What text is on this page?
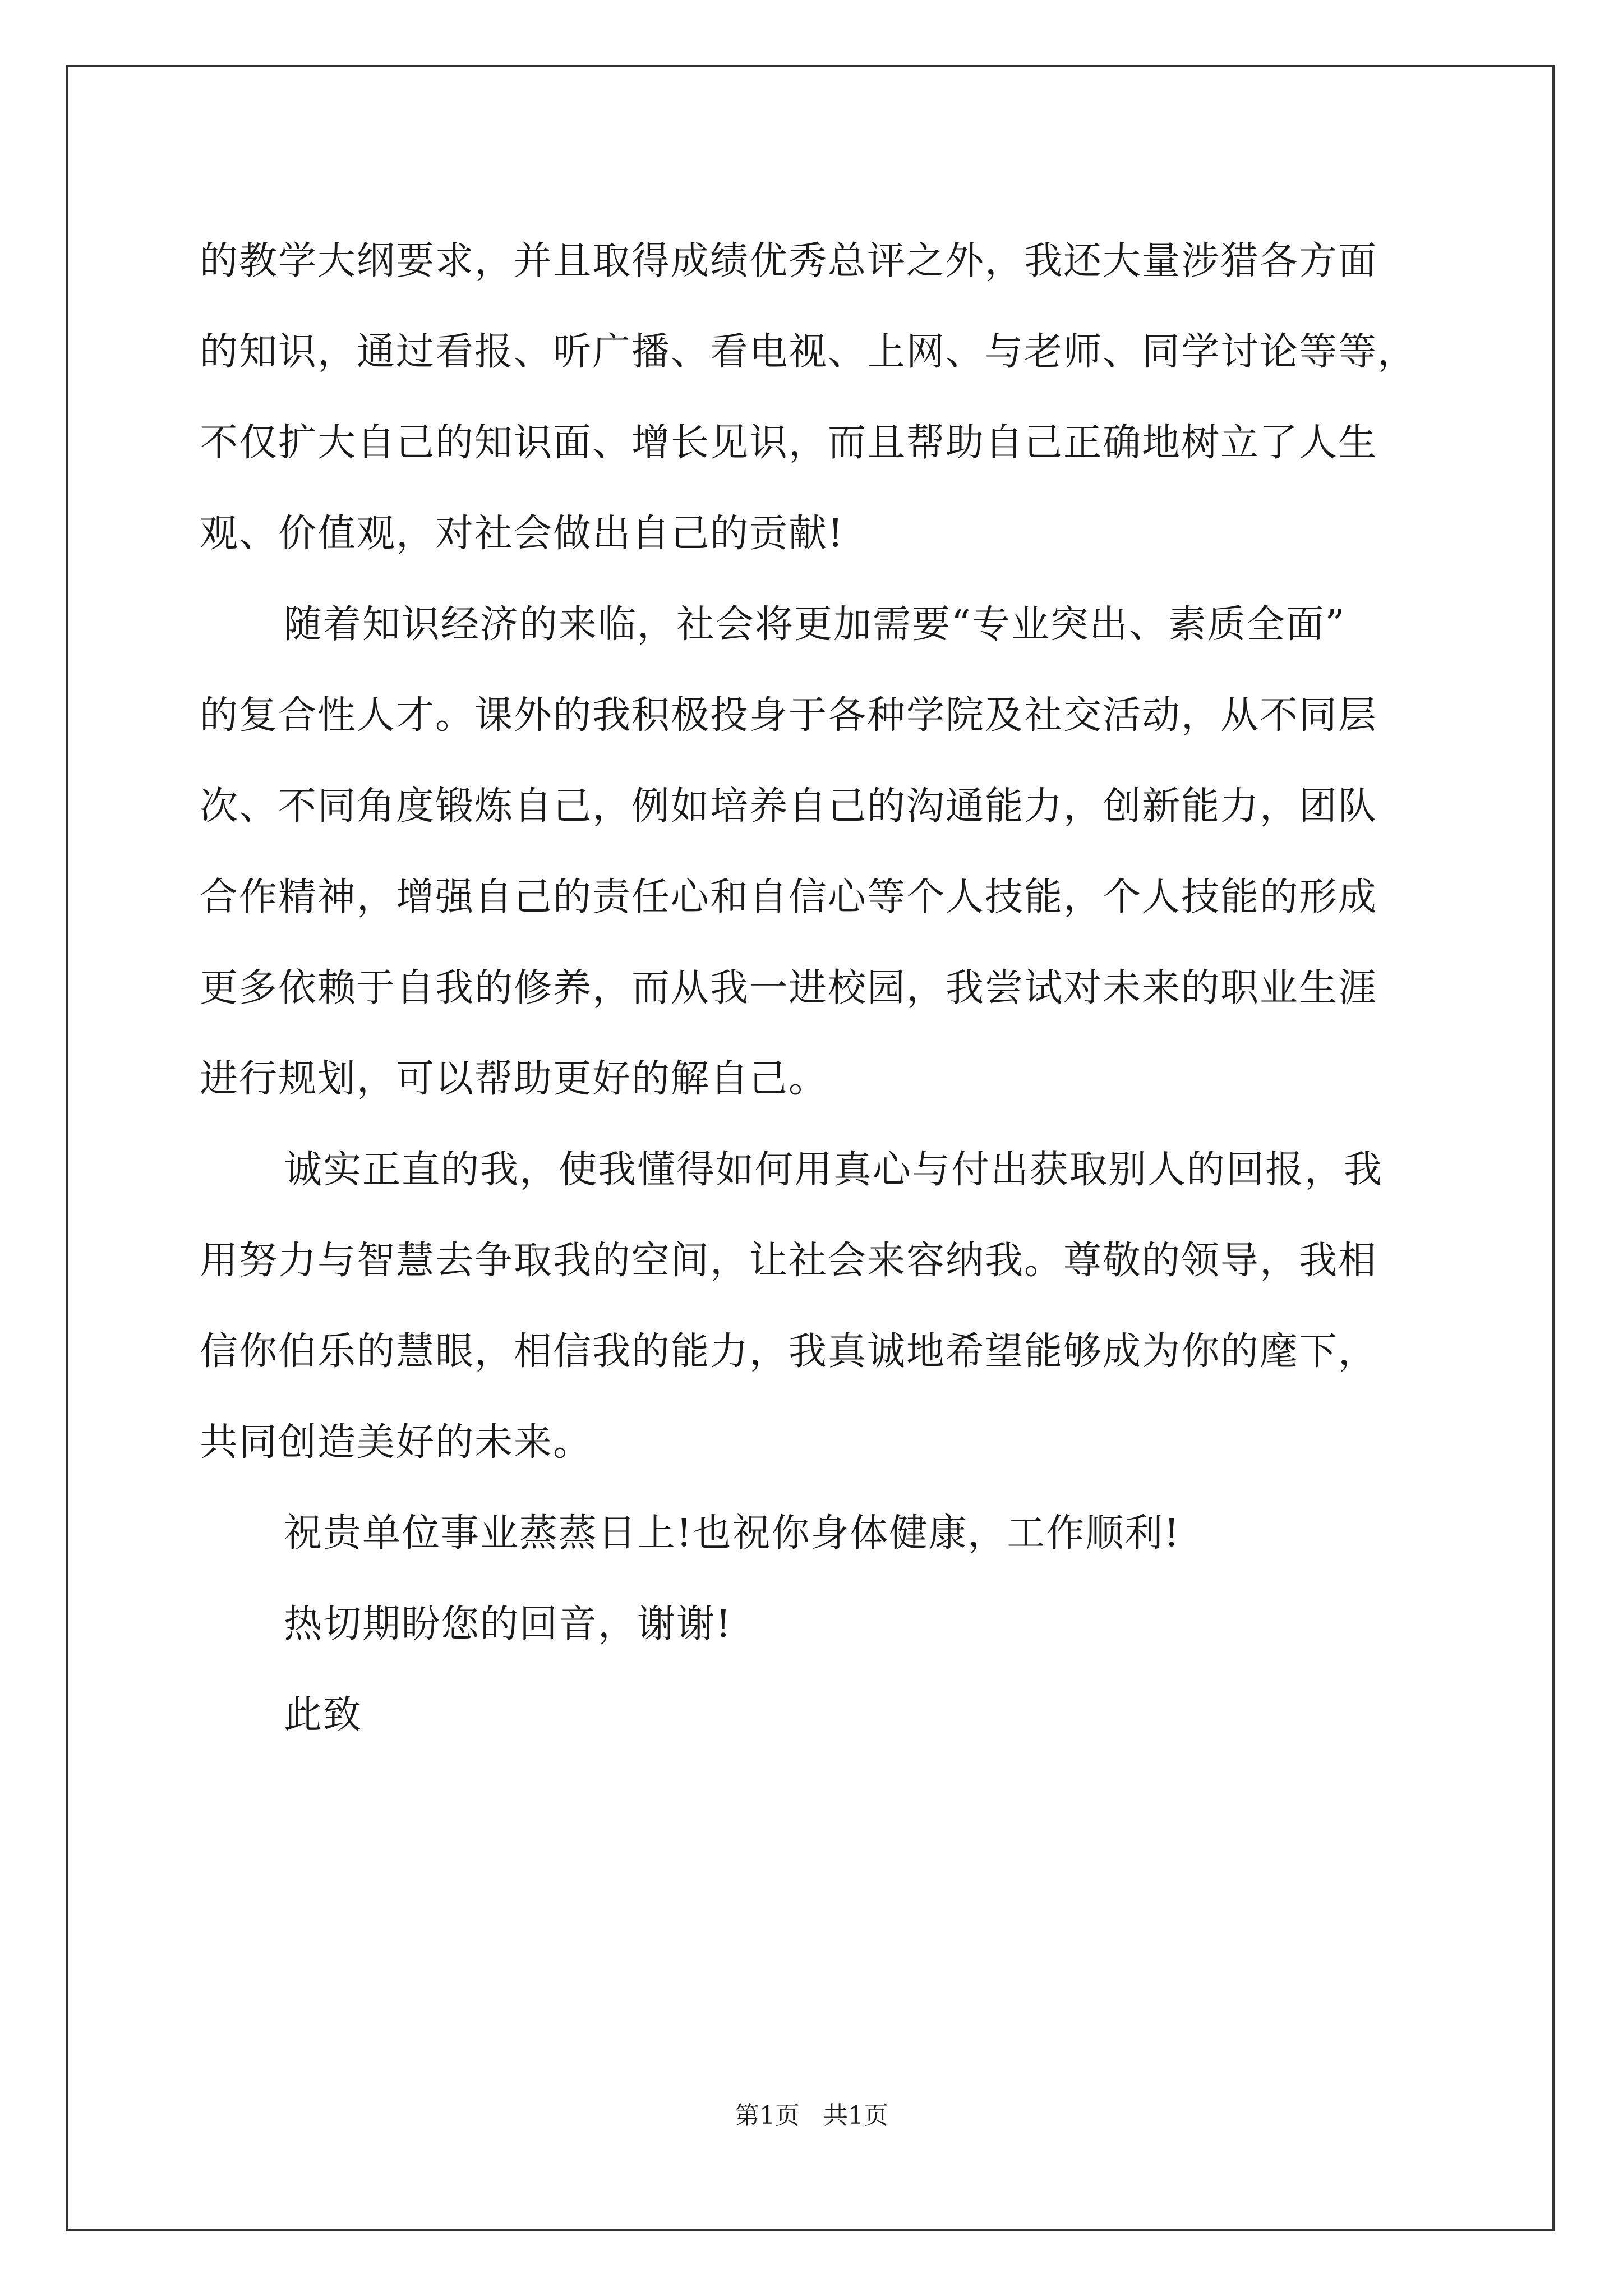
的教学大纲要求，并且取得成绩优秀总评之外，我还大量涉猎各方面
的知识，通过看报、听广播、看电视、上网、与老师、同学讨论等等，
不仅扩大自己的知识面、增长见识，而且帮助自己正确地树立了人生
观、价值观，对社会做出自己的贡献!
随着知识经济的来临，社会将更加需要“专业突出、素质全面”
的复合性人才。课外的我积极投身于各种学院及社交活动，从不同层
次、不同角度锻炼自己，例如培养自己的沟通能力，创新能力，团队
合作精神，增强自己的责任心和自信心等个人技能，个人技能的形成
更多依赖于自我的修养，而从我一进校园，我尝试对未来的职业生涯
进行规划，可以帮助更好的解自己。
诚实正直的我，使我懂得如何用真心与付出获取别人的回报，我
用努力与智慧去争取我的空间，让社会来容纳我。尊敬的领导，我相
信你伯乐的慧眼，相信我的能力，我真诚地希望能够成为你的麾下，
共同创造美好的未来。
祝贵单位事业蒸蒸日上!也祝你身体健康，工作顺利!
热切期盼您的回音，谢谢!
此致
第1页   共1页
